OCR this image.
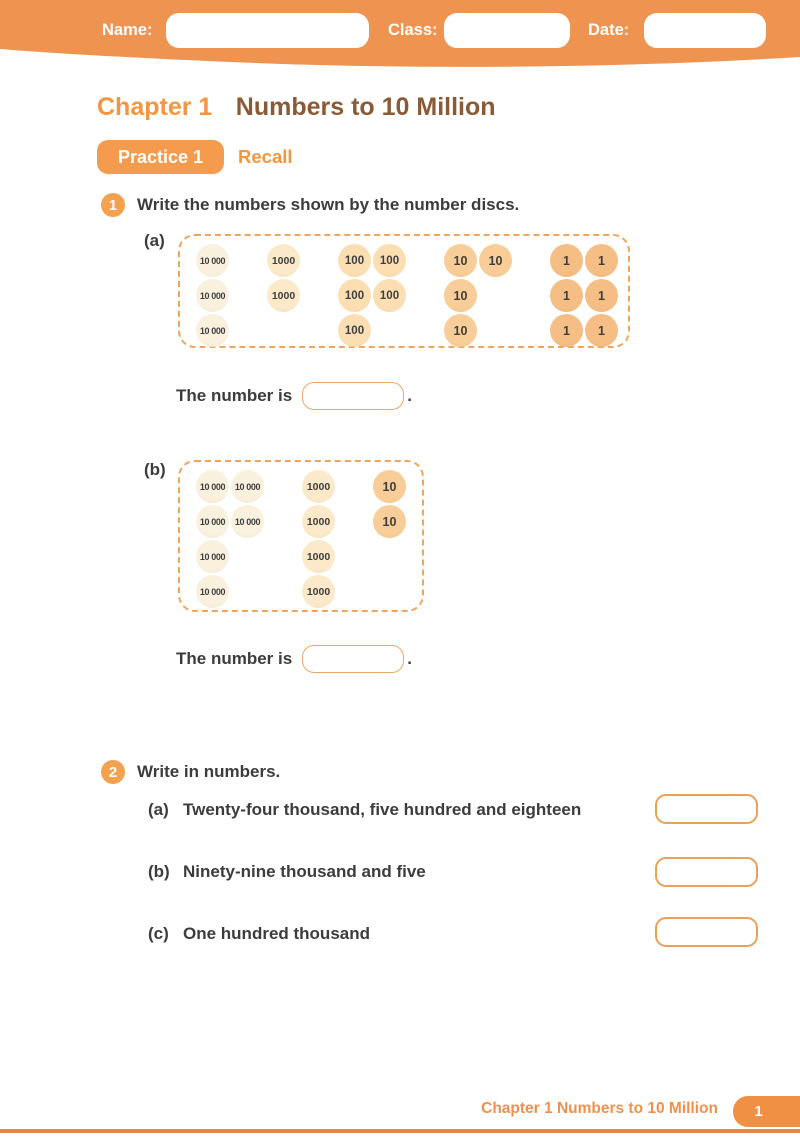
Name:	Class:	Date:
Chapter 1 Numbers to 10 Million
Practice 1	Recall
1	Write the numbers shown by the number discs.
(a)
10 000
10 000
10 000
1000
1000
100	100
100	100
100
10	10
10
10
1	1
1	1
1	1
The number is	.
(b)
10 000	10 000
10 000	10 000
10 000
10 000
1000
1000
1000
1000
10
10
The number is	.
2	Write in numbers.
(a) Twenty-four thousand, five hundred and eighteen
(b) Ninety-nine thousand and five
(c) One hundred thousand
Chapter 1 Numbers to 10 Million	1
